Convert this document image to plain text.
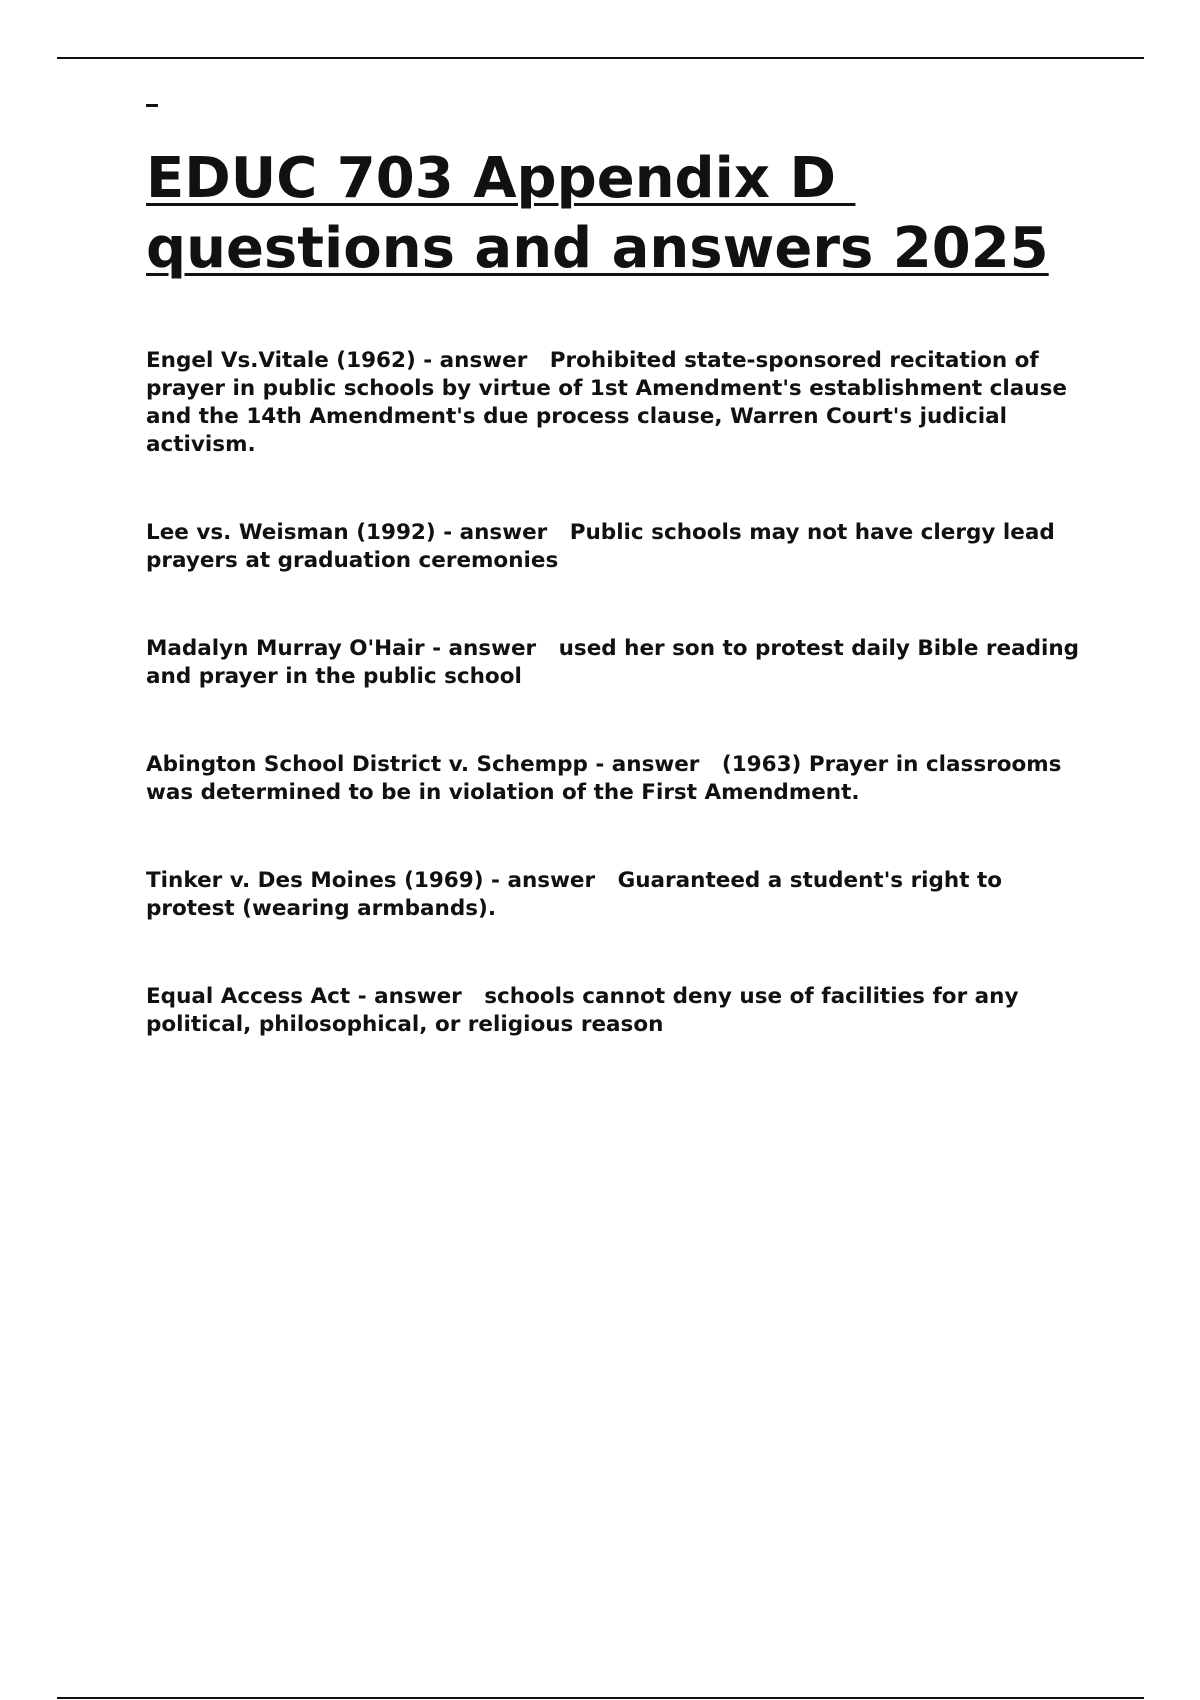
EDUC 703 Appendix D
questions and answers 2025

Engel Vs.Vitale (1962) - answer   Prohibited state-sponsored recitation of prayer in public schools by virtue of 1st Amendment's establishment clause and the 14th Amendment's due process clause, Warren Court's judicial activism.

Lee vs. Weisman (1992) - answer   Public schools may not have clergy lead prayers at graduation ceremonies

Madalyn Murray O'Hair - answer   used her son to protest daily Bible reading and prayer in the public school

Abington School District v. Schempp - answer   (1963) Prayer in classrooms was determined to be in violation of the First Amendment.

Tinker v. Des Moines (1969) - answer   Guaranteed a student's right to protest (wearing armbands).

Equal Access Act - answer   schools cannot deny use of facilities for any political, philosophical, or religious reason
